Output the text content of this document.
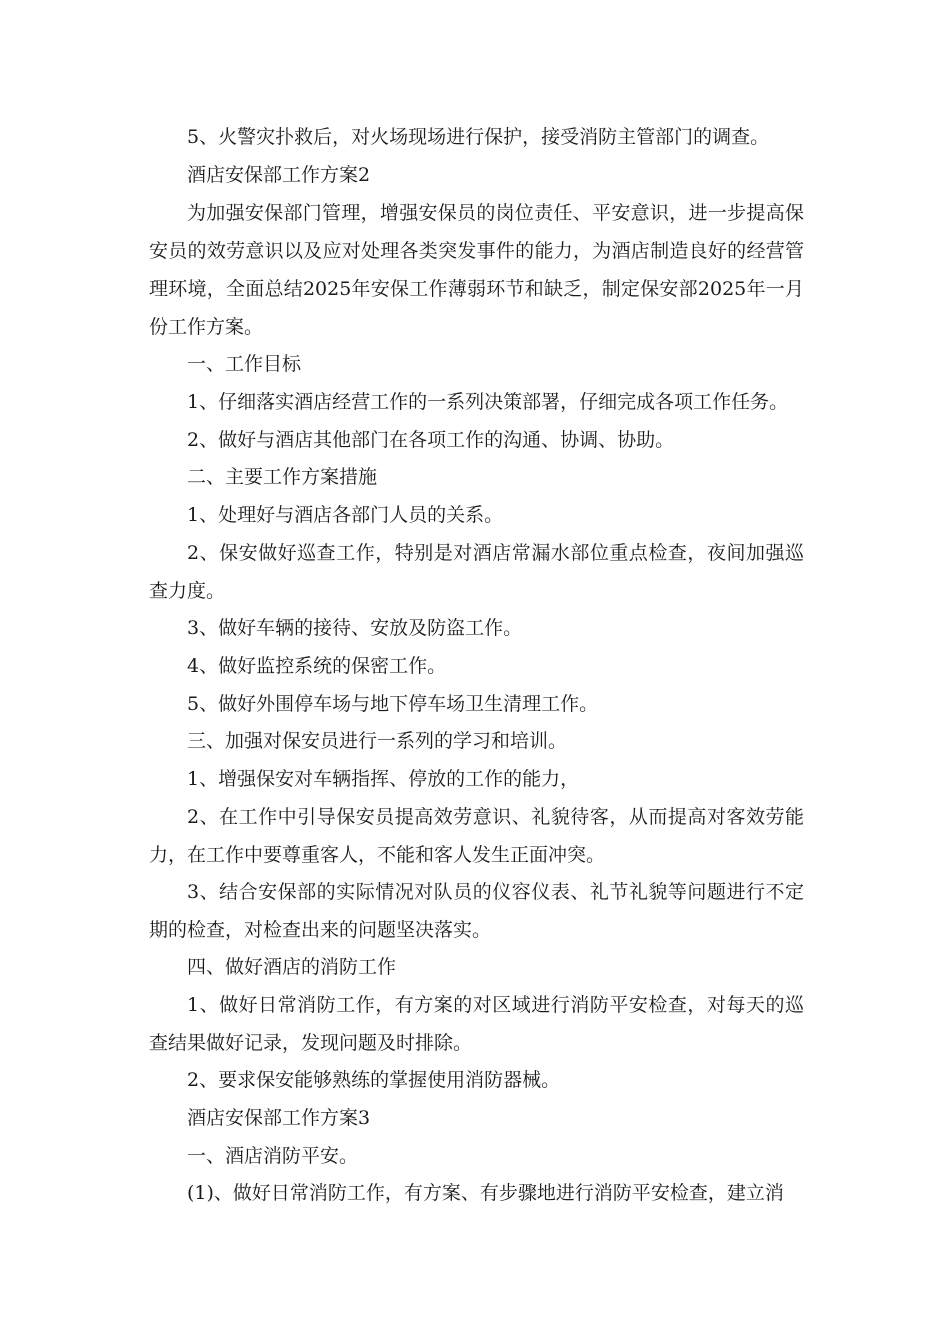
5、火警灾扑救后，对火场现场进行保护，接受消防主管部门的调查。

酒店安保部工作方案2

为加强安保部门管理，增强安保员的岗位责任、平安意识，进一步提高保安员的效劳意识以及应对处理各类突发事件的能力，为酒店制造良好的经营管理环境，全面总结2025年安保工作薄弱环节和缺乏，制定保安部2025年一月份工作方案。

一、工作目标

1、仔细落实酒店经营工作的一系列决策部署，仔细完成各项工作任务。

2、做好与酒店其他部门在各项工作的沟通、协调、协助。

二、主要工作方案措施

1、处理好与酒店各部门人员的关系。

2、保安做好巡查工作，特别是对酒店常漏水部位重点检查，夜间加强巡查力度。

3、做好车辆的接待、安放及防盗工作。

4、做好监控系统的保密工作。

5、做好外围停车场与地下停车场卫生清理工作。

三、加强对保安员进行一系列的学习和培训。

1、增强保安对车辆指挥、停放的工作的能力，

2、在工作中引导保安员提高效劳意识、礼貌待客，从而提高对客效劳能力，在工作中要尊重客人，不能和客人发生正面冲突。

3、结合安保部的实际情况对队员的仪容仪表、礼节礼貌等问题进行不定期的检查，对检查出来的问题坚决落实。

四、做好酒店的消防工作

1、做好日常消防工作，有方案的对区域进行消防平安检查，对每天的巡查结果做好记录，发现问题及时排除。

2、要求保安能够熟练的掌握使用消防器械。

酒店安保部工作方案3

一、酒店消防平安。

(1)、做好日常消防工作，有方案、有步骤地进行消防平安检查，建立消
